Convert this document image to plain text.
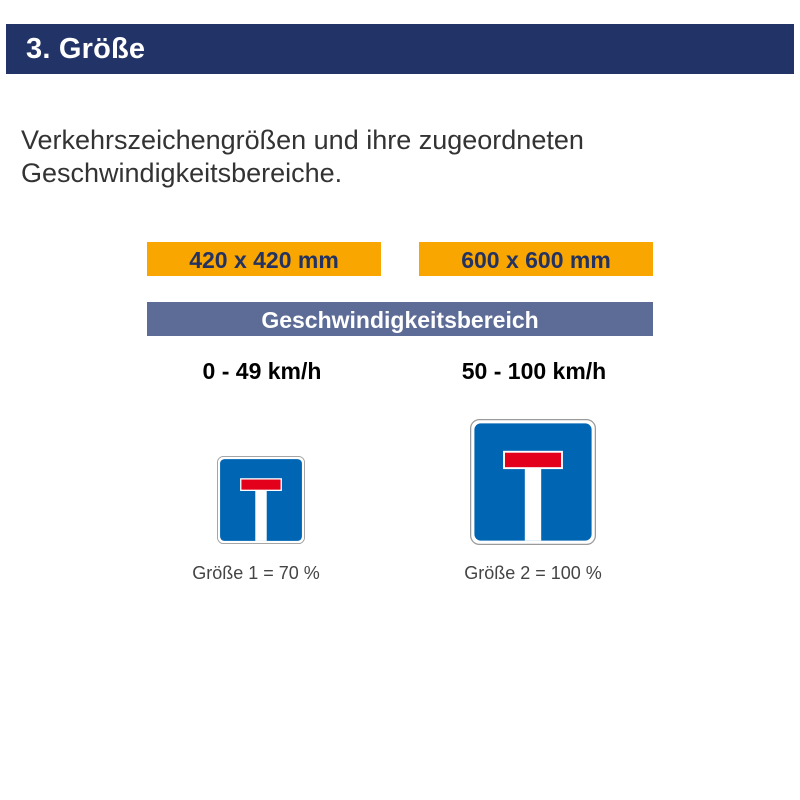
3. Größe
Verkehrszeichengrößen und ihre zugeordneten
Geschwindigkeitsbereiche.
420 x 420 mm	600 x 600 mm
Geschwindigkeitsbereich
0 - 49 km/h	50 - 100 km/h
Größe 1 = 70 %	Größe 2 = 100 %
